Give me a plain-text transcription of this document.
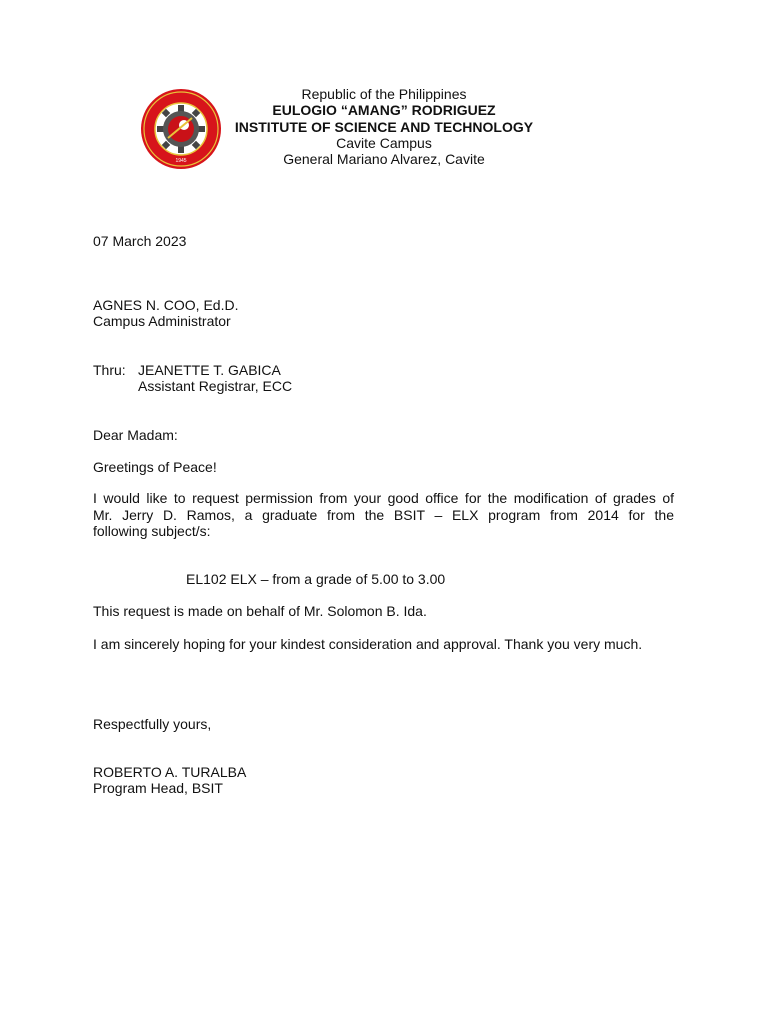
1945
Republic of the Philippines
EULOGIO “AMANG” RODRIGUEZ
INSTITUTE OF SCIENCE AND TECHNOLOGY
Cavite Campus
General Mariano Alvarez, Cavite
07 March 2023
AGNES N. COO, Ed.D.
Campus Administrator
Thru: JEANETTE T. GABICA
Assistant Registrar, ECC
Dear Madam:
Greetings of Peace!
I would like to request permission from your good office for the modification of grades of
Mr. Jerry D. Ramos, a graduate from the BSIT – ELX program from 2014 for the
following subject/s:
EL102 ELX – from a grade of 5.00 to 3.00
This request is made on behalf of Mr. Solomon B. Ida.
I am sincerely hoping for your kindest consideration and approval. Thank you very much.
Respectfully yours,
ROBERTO A. TURALBA
Program Head, BSIT
